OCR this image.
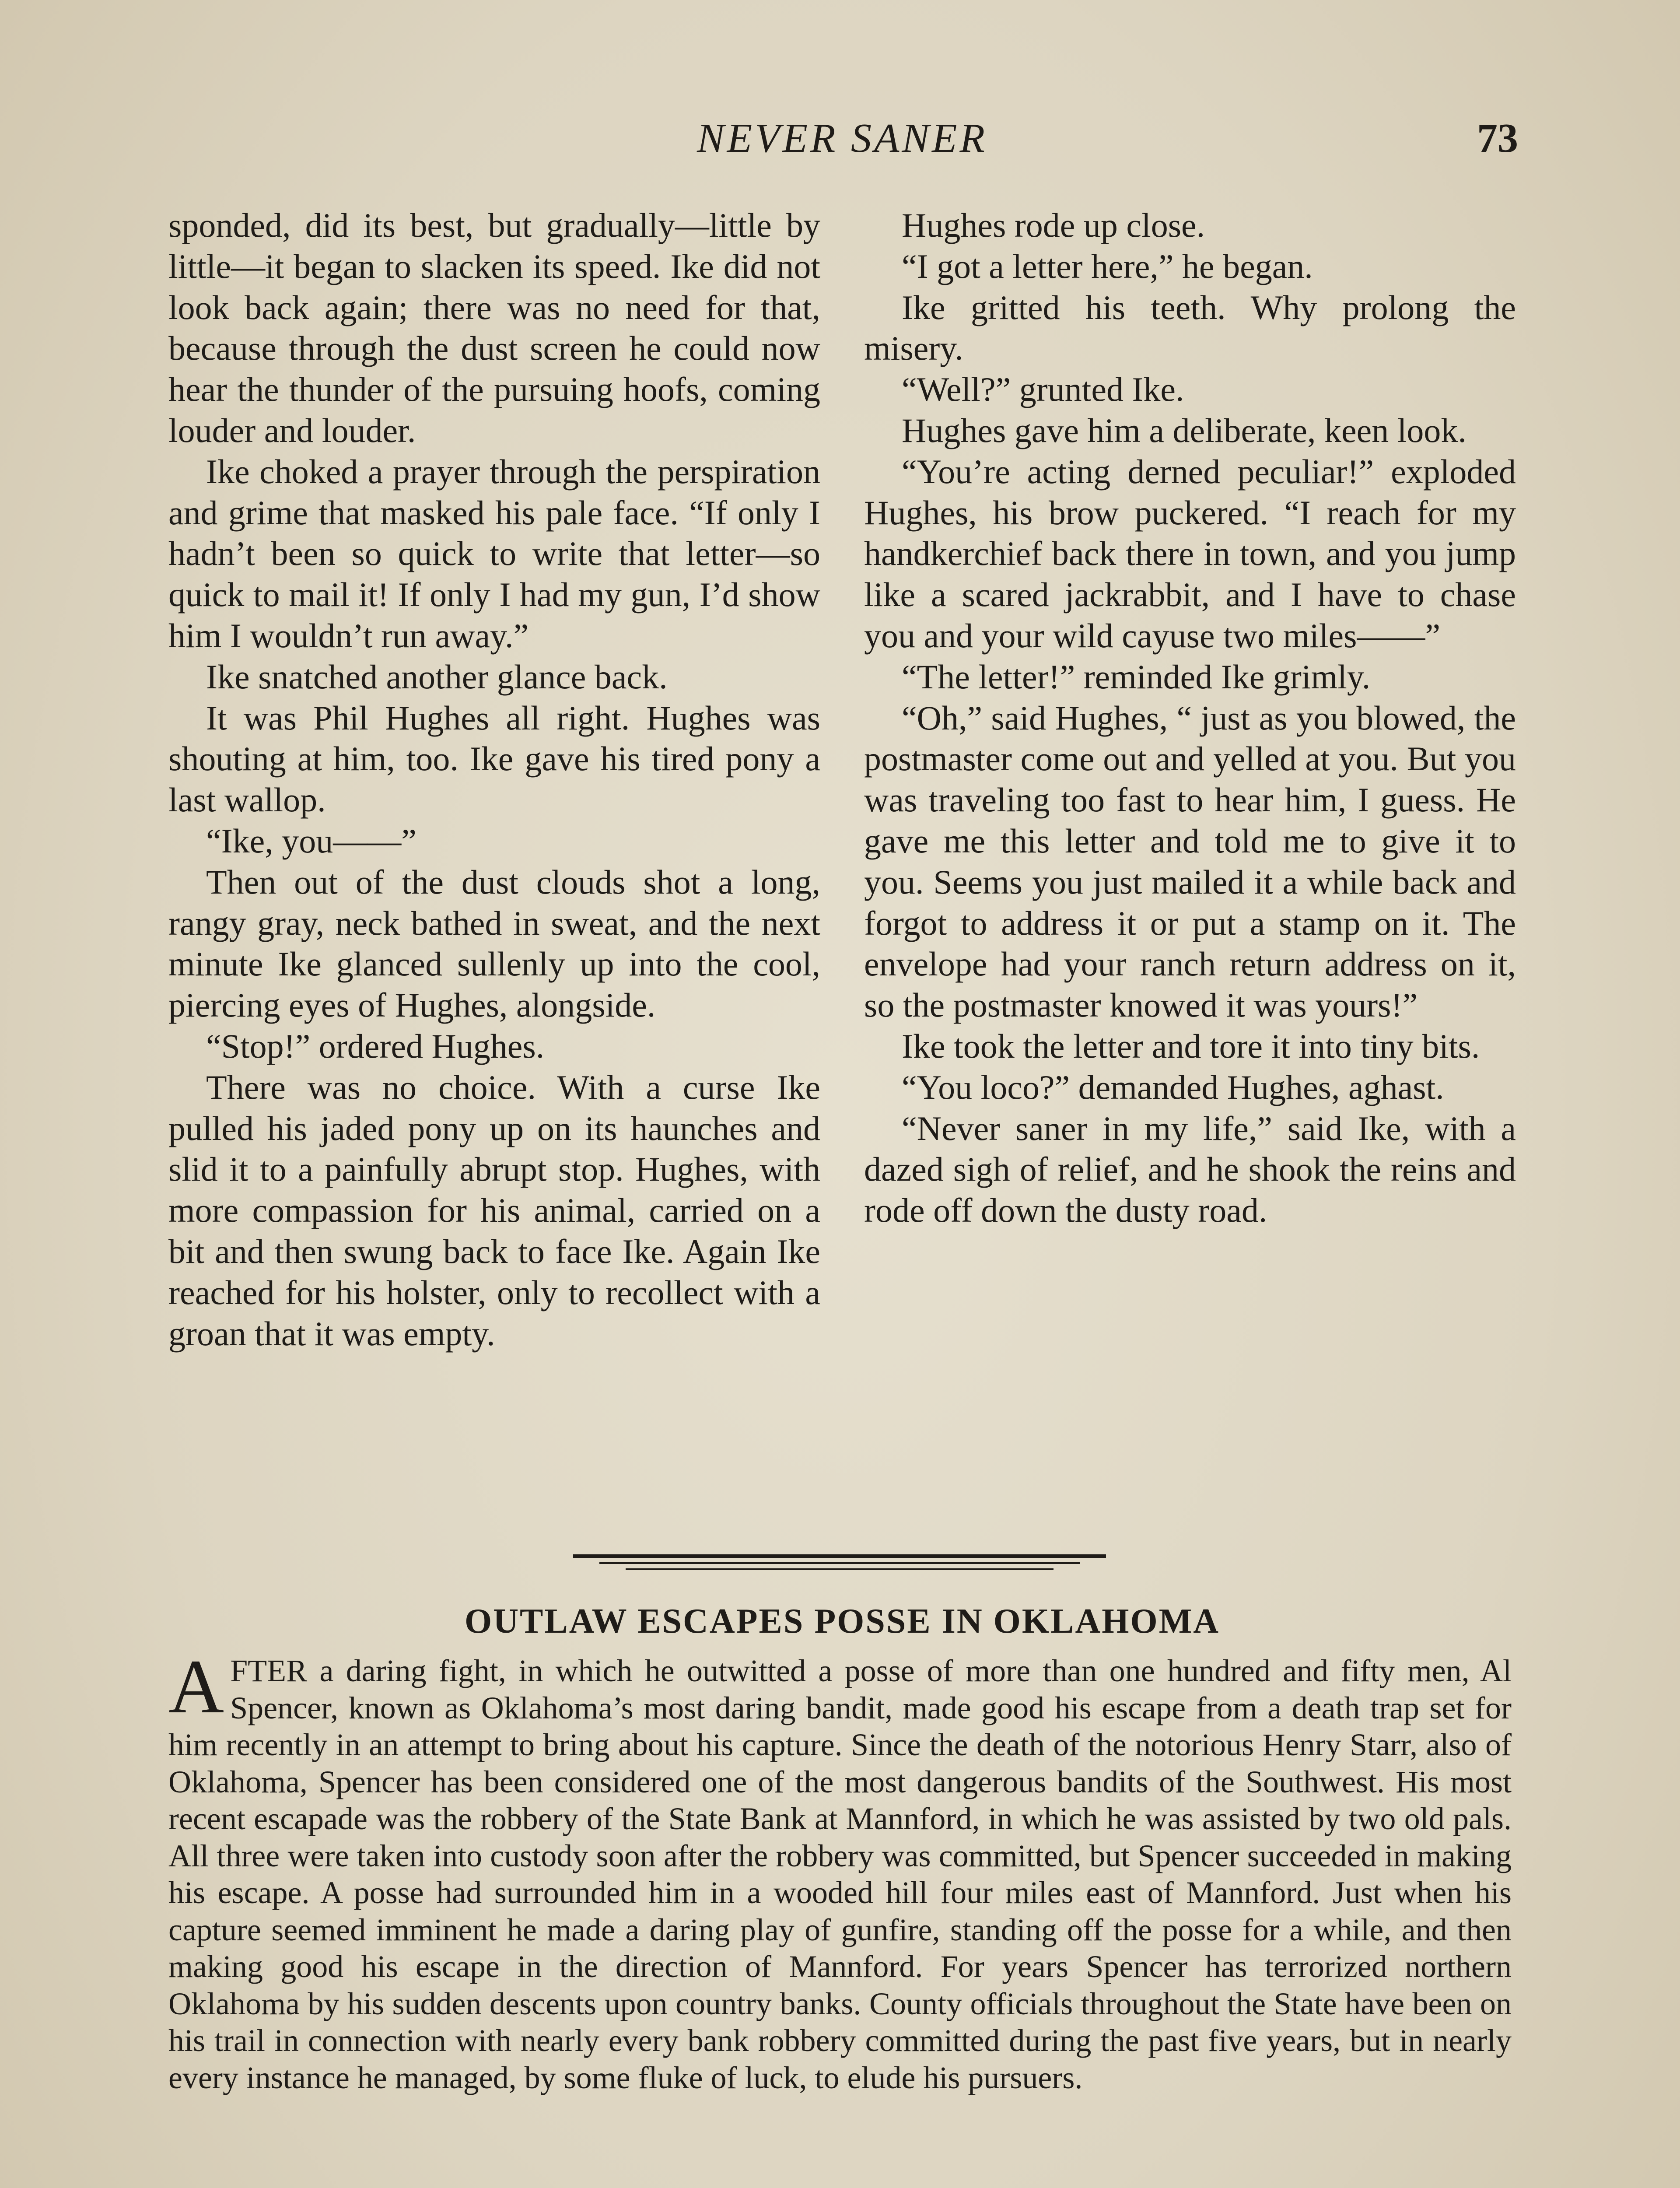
NEVER SANER	73

sponded, did its best, but gradually—little by little—it began to slacken its speed. Ike did not look back again; there was no need for that, because through the dust screen he could now hear the thunder of the pursuing hoofs, coming louder and louder.

Ike choked a prayer through the perspiration and grime that masked his pale face. “If only I hadn’t been so quick to write that letter—so quick to mail it! If only I had my gun, I’d show him I wouldn’t run away.”

Ike snatched another glance back.

It was Phil Hughes all right. Hughes was shouting at him, too. Ike gave his tired pony a last wallop.

“Ike, you——”

Then out of the dust clouds shot a long, rangy gray, neck bathed in sweat, and the next minute Ike glanced sullenly up into the cool, piercing eyes of Hughes, alongside.

“Stop!” ordered Hughes.

There was no choice. With a curse Ike pulled his jaded pony up on its haunches and slid it to a painfully abrupt stop. Hughes, with more compassion for his animal, carried on a bit and then swung back to face Ike. Again Ike reached for his holster, only to recollect with a groan that it was empty.

Hughes rode up close.

“I got a letter here,” he began.

Ike gritted his teeth. Why prolong the misery.

“Well?” grunted Ike.

Hughes gave him a deliberate, keen look.

“You’re acting derned peculiar!” exploded Hughes, his brow puckered. “I reach for my handkerchief back there in town, and you jump like a scared jackrabbit, and I have to chase you and your wild cayuse two miles——”

“The letter!” reminded Ike grimly.

“Oh,” said Hughes, “ just as you blowed, the postmaster come out and yelled at you. But you was traveling too fast to hear him, I guess. He gave me this letter and told me to give it to you. Seems you just mailed it a while back and forgot to address it or put a stamp on it. The envelope had your ranch return address on it, so the postmaster knowed it was yours!”

Ike took the letter and tore it into tiny bits.

“You loco?” demanded Hughes, aghast.

“Never saner in my life,” said Ike, with a dazed sigh of relief, and he shook the reins and rode off down the dusty road.

OUTLAW ESCAPES POSSE IN OKLAHOMA

AFTER a daring fight, in which he outwitted a posse of more than one hundred and fifty men, Al Spencer, known as Oklahoma’s most daring bandit, made good his escape from a death trap set for him recently in an attempt to bring about his capture. Since the death of the notorious Henry Starr, also of Oklahoma, Spencer has been considered one of the most dangerous bandits of the Southwest. His most recent escapade was the robbery of the State Bank at Mannford, in which he was assisted by two old pals. All three were taken into custody soon after the robbery was committed, but Spencer succeeded in making his escape. A posse had surrounded him in a wooded hill four miles east of Mannford. Just when his capture seemed imminent he made a daring play of gunfire, standing off the posse for a while, and then making good his escape in the direction of Mannford. For years Spencer has terrorized northern Oklahoma by his sudden descents upon country banks. County officials throughout the State have been on his trail in connection with nearly every bank robbery committed during the past five years, but in nearly every instance he managed, by some fluke of luck, to elude his pursuers.
